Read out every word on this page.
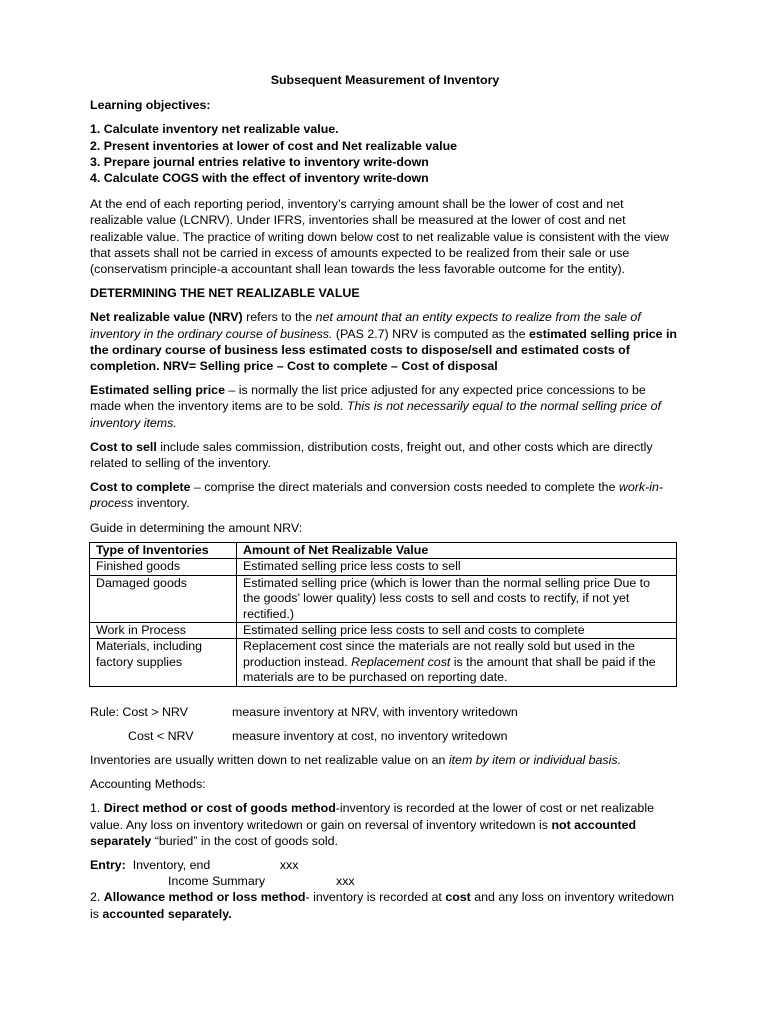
Subsequent Measurement of Inventory

Learning objectives:

1. Calculate inventory net realizable value.
2. Present inventories at lower of cost and Net realizable value
3. Prepare journal entries relative to inventory write-down
4. Calculate COGS with the effect of inventory write-down

At the end of each reporting period, inventory’s carrying amount shall be the lower of cost and net realizable value (LCNRV). Under IFRS, inventories shall be measured at the lower of cost and net realizable value. The practice of writing down below cost to net realizable value is consistent with the view that assets shall not be carried in excess of amounts expected to be realized from their sale or use (conservatism principle-a accountant shall lean towards the less favorable outcome for the entity).

DETERMINING THE NET REALIZABLE VALUE

Net realizable value (NRV) refers to the net amount that an entity expects to realize from the sale of inventory in the ordinary course of business. (PAS 2.7) NRV is computed as the estimated selling price in the ordinary course of business less estimated costs to dispose/sell and estimated costs of completion. NRV= Selling price – Cost to complete – Cost of disposal

Estimated selling price – is normally the list price adjusted for any expected price concessions to be made when the inventory items are to be sold. This is not necessarily equal to the normal selling price of inventory items.

Cost to sell include sales commission, distribution costs, freight out, and other costs which are directly related to selling of the inventory.

Cost to complete – comprise the direct materials and conversion costs needed to complete the work-in-process inventory.

Guide in determining the amount NRV:

Type of Inventories	Amount of Net Realizable Value
Finished goods	Estimated selling price less costs to sell
Damaged goods	Estimated selling price (which is lower than the normal selling price Due to the goods’ lower quality) less costs to sell and costs to rectify, if not yet rectified.)
Work in Process	Estimated selling price less costs to sell and costs to complete
Materials, including factory supplies	Replacement cost since the materials are not really sold but used in the production instead. Replacement cost is the amount that shall be paid if the materials are to be purchased on reporting date.
Rule: Cost > NRV	measure inventory at NRV, with inventory writedown
Cost < NRV	measure inventory at cost, no inventory writedown

Inventories are usually written down to net realizable value on an item by item or individual basis.

Accounting Methods:

1. Direct method or cost of goods method-inventory is recorded at the lower of cost or net realizable value. Any loss on inventory writedown or gain on reversal of inventory writedown is not accounted separately “buried” in the cost of goods sold.

Entry:  Inventory, end	xxx
Income Summary	xxx

2. Allowance method or loss method- inventory is recorded at cost and any loss on inventory writedown is accounted separately.
